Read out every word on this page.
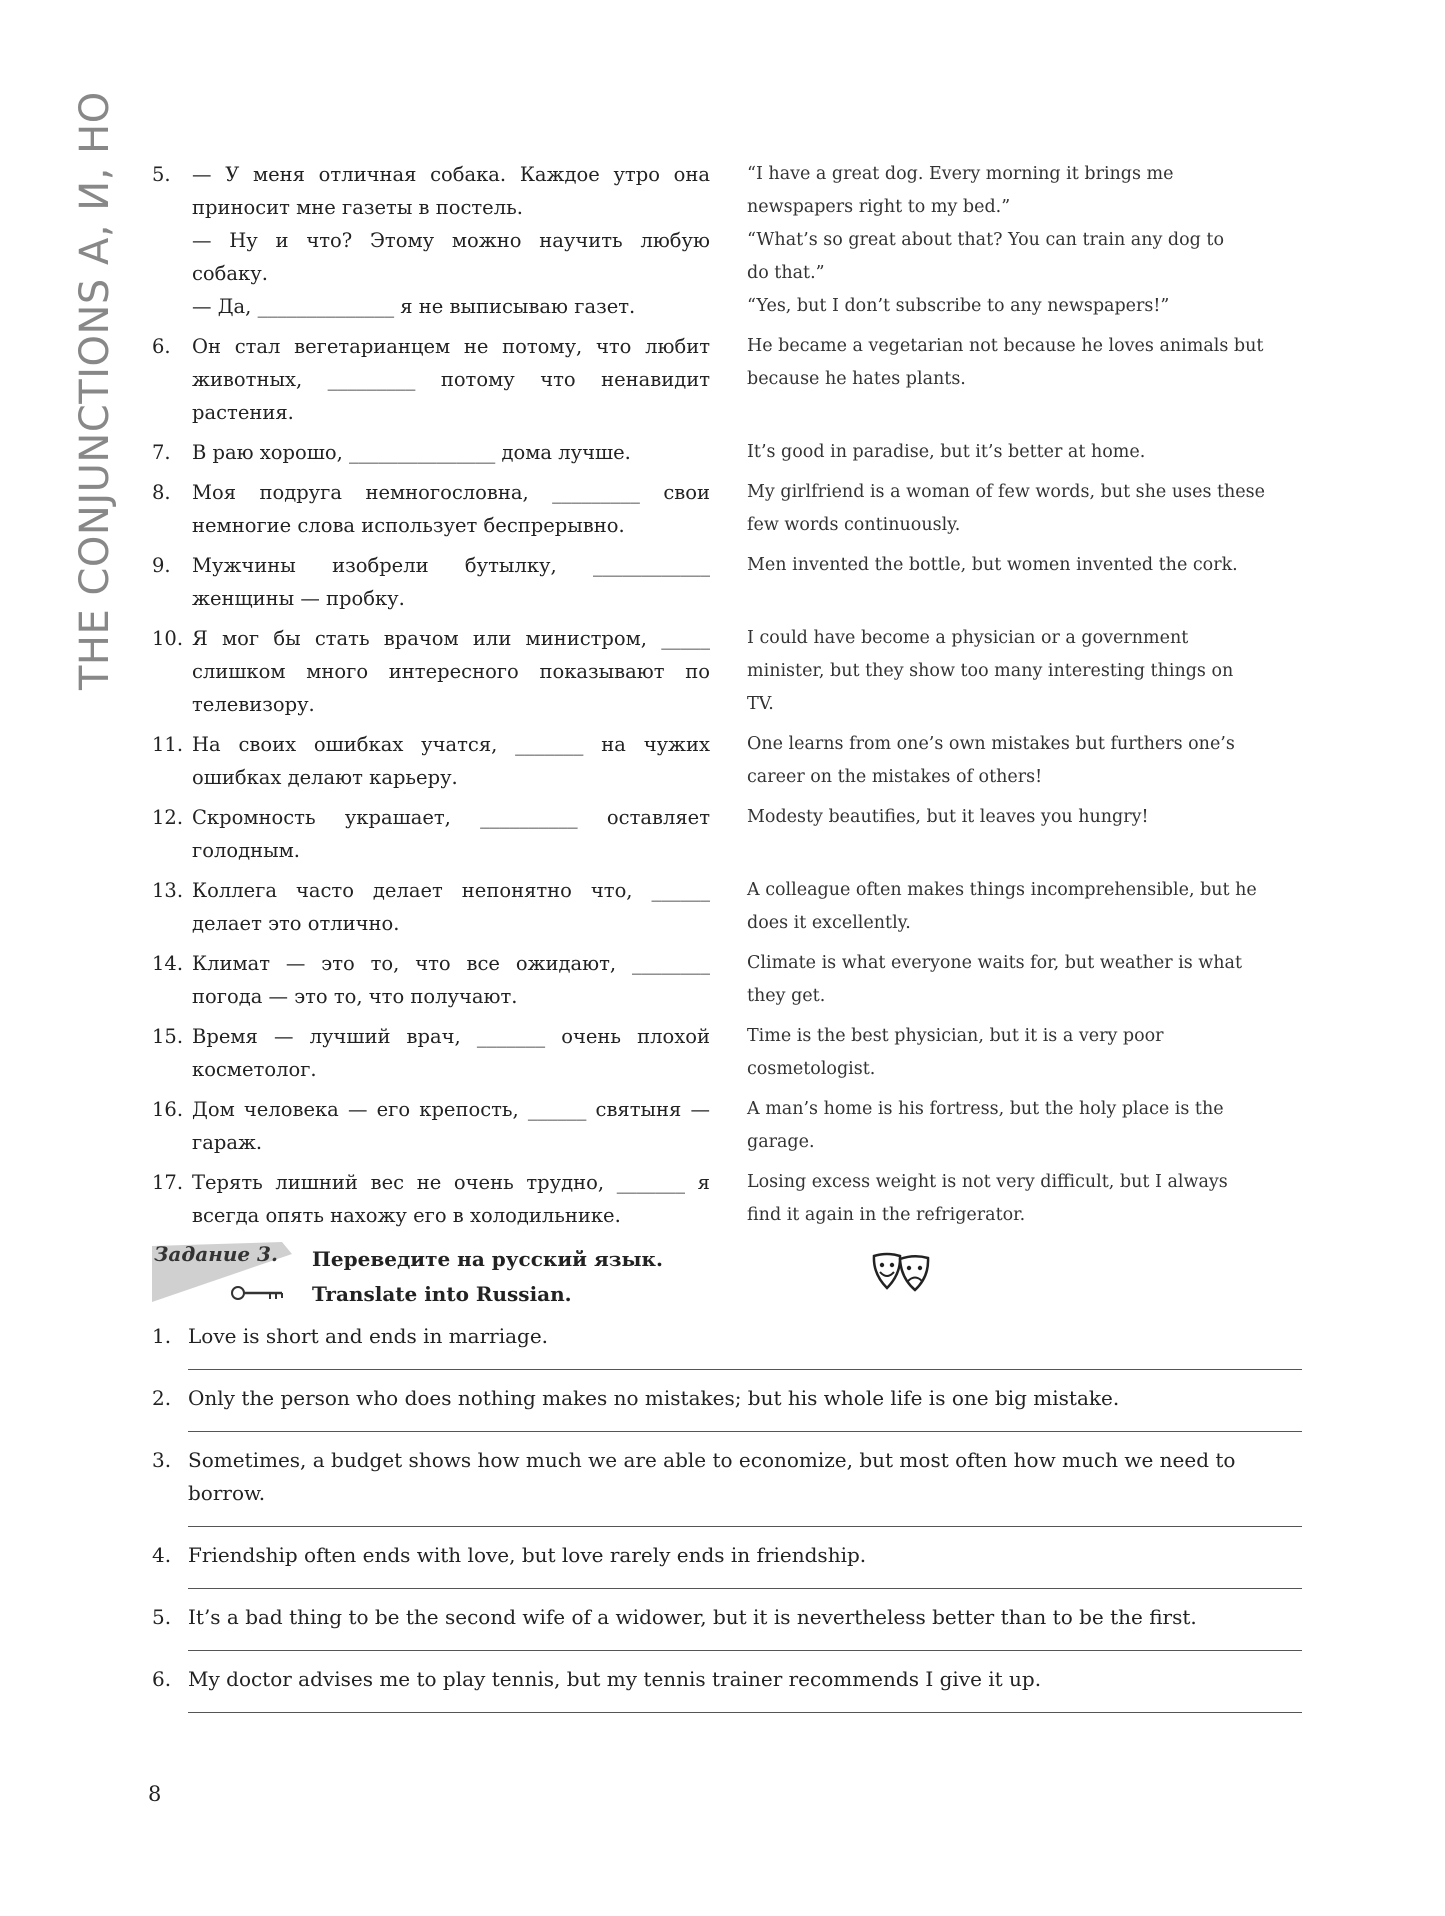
THE CONJUNCTIONS А, И, НО 5. — У меня отличная собака. Каждое утро она приносит мне газеты в постель.
— Ну и что? Этому можно научить любую собаку.
— Да, ______________ я не выписываю газет.
“I have a great dog. Every morning it brings me
newspapers right to my bed.”
“What’s so great about that? You can train any dog to
do that.”
“Yes, but I don’t subscribe to any newspapers!”
6. Он стал вегетарианцем не потому, что любит животных, _________ потому что ненавидит растения.
He became a vegetarian not because he loves animals but
because he hates plants.
7. В раю хорошо, _______________ дома лучше.	It’s good in paradise, but it’s better at home.
8. Моя подруга немногословна, _________ свои немногие слова использует беспрерывно.
My girlfriend is a woman of few words, but she uses these
few words continuously.
9. Мужчины изобрели бутылку, ____________ женщины — пробку.
Men invented the bottle, but women invented the cork.
10. Я мог бы стать врачом или министром, _____ слишком много интересного показывают по телевизору.
I could have become a physician or a government
minister, but they show too many interesting things on
TV.
11. На своих ошибках учатся, _______ на чужих ошибках делают карьеру.
One learns from one’s own mistakes but furthers one’s
career on the mistakes of others!
12. Скромность украшает, __________ оставляет голодным.
Modesty beautifies, but it leaves you hungry!
13. Коллега часто делает непонятно что, ______ делает это отлично.
A colleague often makes things incomprehensible, but he
does it excellently.
14. Климат — это то, что все ожидают, ________ погода — это то, что получают.
Climate is what everyone waits for, but weather is what
they get.
15. Время — лучший врач, _______ очень плохой косметолог.
Time is the best physician, but it is a very poor
cosmetologist.
16. Дом человека — его крепость, ______ святыня — гараж.
A man’s home is his fortress, but the holy place is the
garage.
17. Терять лишний вес не очень трудно, _______ я всегда опять нахожу его в холодильнике.
Losing excess weight is not very difficult, but I always
find it again in the refrigerator.
Задание 3. Переведите на русский язык.
Translate into Russian.
1. Love is short and ends in marriage.
2. Only the person who does nothing makes no mistakes; but his whole life is one big mistake.
3. Sometimes, a budget shows how much we are able to economize, but most often how much we need to borrow.
4. Friendship often ends with love, but love rarely ends in friendship.
5. It’s a bad thing to be the second wife of a widower, but it is nevertheless better than to be the first.
6. My doctor advises me to play tennis, but my tennis trainer recommends I give it up.
8
